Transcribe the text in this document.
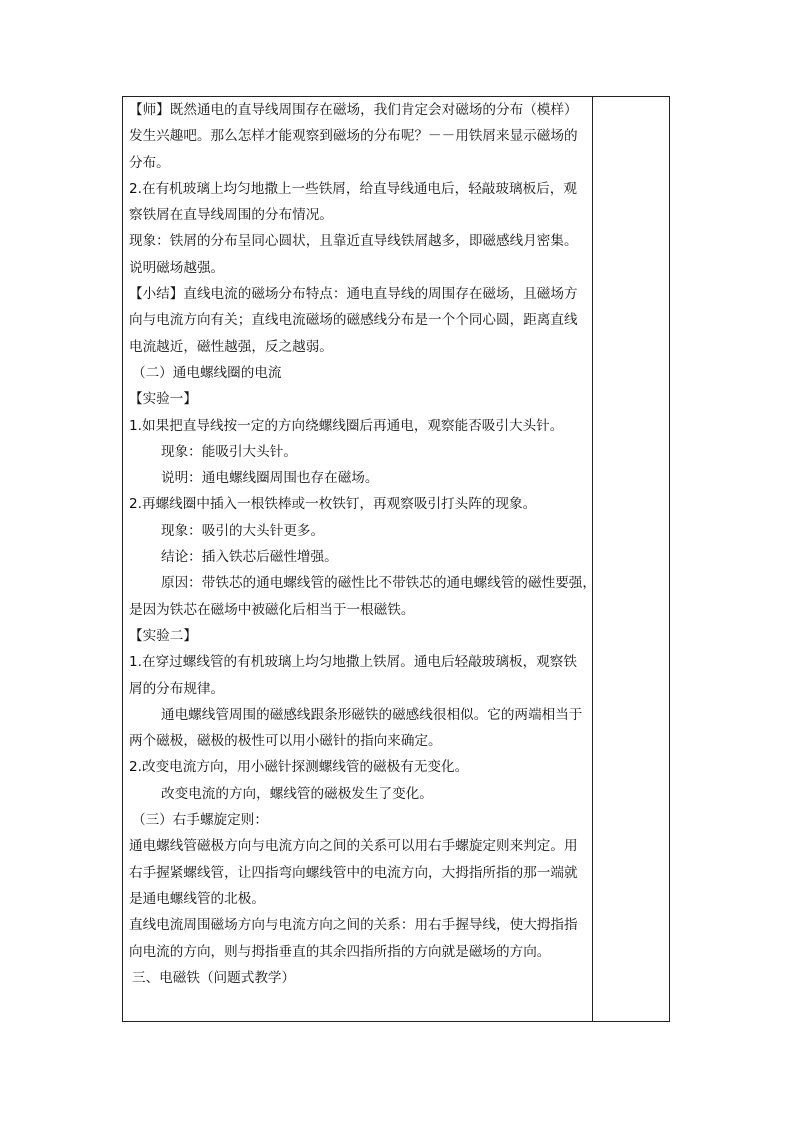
【师】既然通电的直导线周围存在磁场，我们肯定会对磁场的分布（模样）

发生兴趣吧。那么怎样才能观察到磁场的分布呢？－－用铁屑来显示磁场的

分布。

2.在有机玻璃上均匀地撒上一些铁屑，给直导线通电后，轻敲玻璃板后，观

察铁屑在直导线周围的分布情况。

现象：铁屑的分布呈同心圆状，且靠近直导线铁屑越多，即磁感线月密集。

说明磁场越强。

【小结】直线电流的磁场分布特点：通电直导线的周围存在磁场，且磁场方

向与电流方向有关；直线电流磁场的磁感线分布是一个个同心圆，距离直线

电流越近，磁性越强，反之越弱。

（二）通电螺线圈的电流

【实验一】

1.如果把直导线按一定的方向绕螺线圈后再通电，观察能否吸引大头针。

现象：能吸引大头针。

说明：通电螺线圈周围也存在磁场。

2.再螺线圈中插入一根铁棒或一枚铁钉，再观察吸引打头阵的现象。

现象：吸引的大头针更多。

结论：插入铁芯后磁性增强。

原因：带铁芯的通电螺线管的磁性比不带铁芯的通电螺线管的磁性要强，

是因为铁芯在磁场中被磁化后相当于一根磁铁。

【实验二】

1.在穿过螺线管的有机玻璃上均匀地撒上铁屑。通电后轻敲玻璃板，观察铁

屑的分布规律。

通电螺线管周围的磁感线跟条形磁铁的磁感线很相似。它的两端相当于

两个磁极，磁极的极性可以用小磁针的指向来确定。

2.改变电流方向，用小磁针探测螺线管的磁极有无变化。

改变电流的方向，螺线管的磁极发生了变化。

（三）右手螺旋定则：

通电螺线管磁极方向与电流方向之间的关系可以用右手螺旋定则来判定。用

右手握紧螺线管，让四指弯向螺线管中的电流方向，大拇指所指的那一端就

是通电螺线管的北极。

直线电流周围磁场方向与电流方向之间的关系：用右手握导线，使大拇指指

向电流的方向，则与拇指垂直的其余四指所指的方向就是磁场的方向。

三、电磁铁（问题式教学）
